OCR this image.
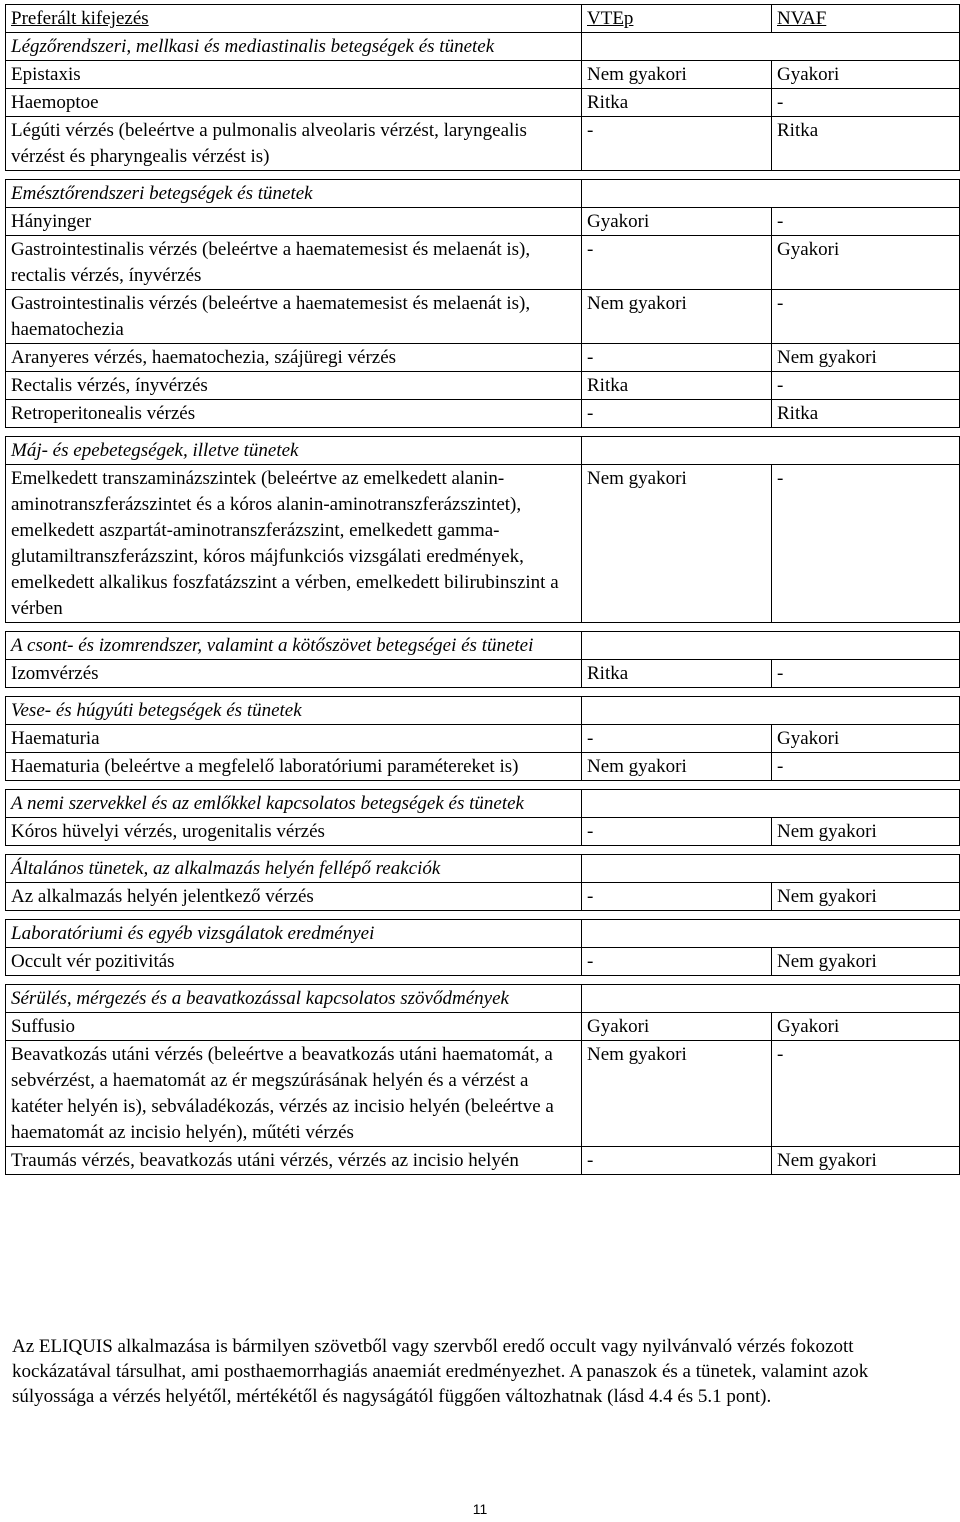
Preferált kifejezés	VTEp	NVAF
Légzőrendszeri, mellkasi és mediastinalis betegségek és tünetek		
Epistaxis	Nem gyakori	Gyakori
Haemoptoe	Ritka	-
Légúti vérzés (beleértve a pulmonalis alveolaris vérzést, laryngealis vérzést és pharyngealis vérzést is)	-	Ritka

Emésztőrendszeri betegségek és tünetek		
Hányinger	Gyakori	-
Gastrointestinalis vérzés (beleértve a haematemesist és melaenát is), rectalis vérzés, ínyvérzés	-	Gyakori
Gastrointestinalis vérzés (beleértve a haematemesist és melaenát is), haematochezia	Nem gyakori	-
Aranyeres vérzés, haematochezia, szájüregi vérzés	-	Nem gyakori
Rectalis vérzés, ínyvérzés	Ritka	-
Retroperitonealis vérzés	-	Ritka

Máj- és epebetegségek, illetve tünetek		
Emelkedett transzaminázszintek (beleértve az emelkedett alanin-aminotranszferázszintet és a kóros alanin-aminotranszferázszintet), emelkedett aszpartát-aminotranszferázszint, emelkedett gamma-glutamiltranszferázszint, kóros májfunkciós vizsgálati eredmények, emelkedett alkalikus foszfatázszint a vérben, emelkedett bilirubinszint a vérben	Nem gyakori	-

A csont- és izomrendszer, valamint a kötőszövet betegségei és tünetei		
Izomvérzés	Ritka	-

Vese- és húgyúti betegségek és tünetek		
Haematuria	-	Gyakori
Haematuria (beleértve a megfelelő laboratóriumi paramétereket is)	Nem gyakori	-

A nemi szervekkel és az emlőkkel kapcsolatos betegségek és tünetek		
Kóros hüvelyi vérzés, urogenitalis vérzés	-	Nem gyakori

Általános tünetek, az alkalmazás helyén fellépő reakciók		
Az alkalmazás helyén jelentkező vérzés	-	Nem gyakori

Laboratóriumi és egyéb vizsgálatok eredményei		
Occult vér pozitivitás	-	Nem gyakori

Sérülés, mérgezés és a beavatkozással kapcsolatos szövődmények		
Suffusio	Gyakori	Gyakori
Beavatkozás utáni vérzés (beleértve a beavatkozás utáni haematomát, a sebvérzést, a haematomát az ér megszúrásának helyén és a vérzést a katéter helyén is), sebváladékozás, vérzés az incisio helyén (beleértve a haematomát az incisio helyén), műtéti vérzés	Nem gyakori	-
Traumás vérzés, beavatkozás utáni vérzés, vérzés az incisio helyén	-	Nem gyakori
Az ELIQUIS alkalmazása is bármilyen szövetből vagy szervből eredő occult vagy nyilvánvaló vérzés fokozott kockázatával társulhat, ami posthaemorrhagiás anaemiát eredményezhet. A panaszok és a tünetek, valamint azok súlyossága a vérzés helyétől, mértékétől és nagyságától függően változhatnak (lásd 4.4 és 5.1 pont).
11
